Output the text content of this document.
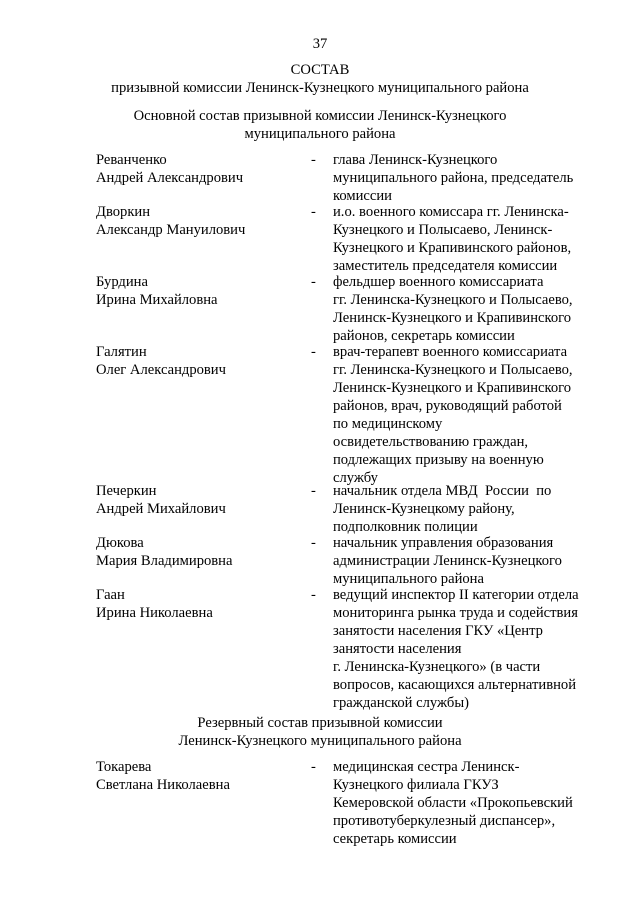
37
СОСТАВ
призывной комиссии Ленинск-Кузнецкого муниципального района
Основной состав призывной комиссии Ленинск-Кузнецкого
муниципального района
Реванченко
Андрей Александрович
- глава Ленинск-Кузнецкого
муниципального района, председатель
комиссии
Дворкин
Александр Мануилович
- и.о. военного комиссара гг. Ленинска-
Кузнецкого и Полысаево, Ленинск-
Кузнецкого и Крапивинского районов,
заместитель председателя комиссии
Бурдина
Ирина Михайловна
- фельдшер военного комиссариата
гг. Ленинска-Кузнецкого и Полысаево,
Ленинск-Кузнецкого и Крапивинского
районов, секретарь комиссии
Галятин
Олег Александрович
- врач-терапевт военного комиссариата
гг. Ленинска-Кузнецкого и Полысаево,
Ленинск-Кузнецкого и Крапивинского
районов, врач, руководящий работой
по медицинскому
освидетельствованию граждан,
подлежащих призыву на военную
службу
Печеркин
Андрей Михайлович
- начальник отдела МВД  России  по
Ленинск-Кузнецкому району,
подполковник полиции
Дюкова
Мария Владимировна
- начальник управления образования
администрации Ленинск-Кузнецкого
муниципального района
Гаан
Ирина Николаевна
- ведущий инспектор II категории отдела
мониторинга рынка труда и содействия
занятости населения ГКУ «Центр
занятости населения
г. Ленинска-Кузнецкого» (в части
вопросов, касающихся альтернативной
гражданской службы)
Резервный состав призывной комиссии
Ленинск-Кузнецкого муниципального района
Токарева
Светлана Николаевна
- медицинская сестра Ленинск-
Кузнецкого филиала ГКУЗ
Кемеровской области «Прокопьевский
противотуберкулезный диспансер»,
секретарь комиссии
